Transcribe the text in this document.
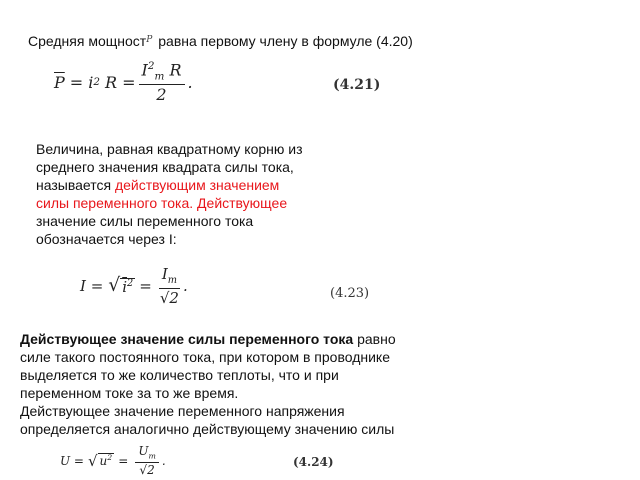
Средняя мощност$^P$ равна первому члену в формуле (4.20)
$\overline{P} = i$ 2 $R = \frac{I^2_m R}{2}$ .	(4.21)
Величина, равная квадратному корню из
среднего значения квадрата силы тока,
называется действующим значением
силы переменного тока. Действующее
значение силы переменного тока
обозначается через I:
I = √ $i^2 = \frac{I_m}{√2}$ .	(4.23)
Действующее значение силы переменного тока равно
силе такого постоянного тока, при котором в проводнике
выделяется то же количество теплоты, что и при
переменном токе за то же время.
Действующее значение переменного напряжения
определяется аналогично действующему значению силы
U = √ $u^2 = \frac{U_m}{√2}$ .	(4.24)
